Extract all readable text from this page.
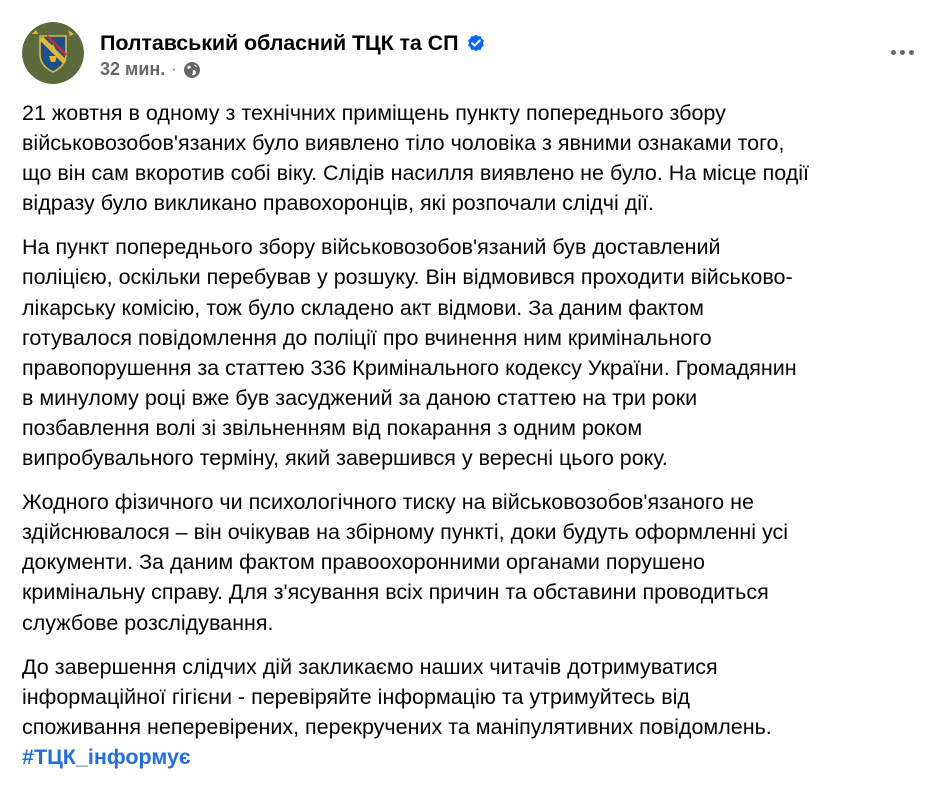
Полтавський обласний ТЦК та СП
32 мин. ·

21 жовтня в одному з технічних приміщень пункту попереднього збору
військовозобов'язаних було виявлено тіло чоловіка з явними ознаками того,
що він сам вкоротив собі віку. Слідів насилля виявлено не було. На місце події
відразу було викликано правохоронців, які розпочали слідчі дії.

На пункт попереднього збору військовозобов'язаний був доставлений
поліцією, оскільки перебував у розшуку. Він відмовився проходити військово-
лікарську комісію, тож було складено акт відмови. За даним фактом
готувалося повідомлення до поліції про вчинення ним кримінального
правопорушення за статтею 336 Кримінального кодексу України. Громадянин
в минулому році вже був засуджений за даною статтею на три роки
позбавлення волі зі звільненням від покарання з одним роком
випробувального терміну, який завершився у вересні цього року.

Жодного фізичного чи психологічного тиску на військовозобов'язаного не
здійснювалося – він очікував на збірному пункті, доки будуть оформленні усі
документи. За даним фактом правоохоронними органами порушено
кримінальну справу. Для з'ясування всіх причин та обставини проводиться
службове розслідування.

До завершення слідчих дій закликаємо наших читачів дотримуватися
інформаційної гігієни - перевіряйте інформацію та утримуйтесь від
споживання неперевірених, перекручених та маніпулятивних повідомлень.
#ТЦК_інформує
